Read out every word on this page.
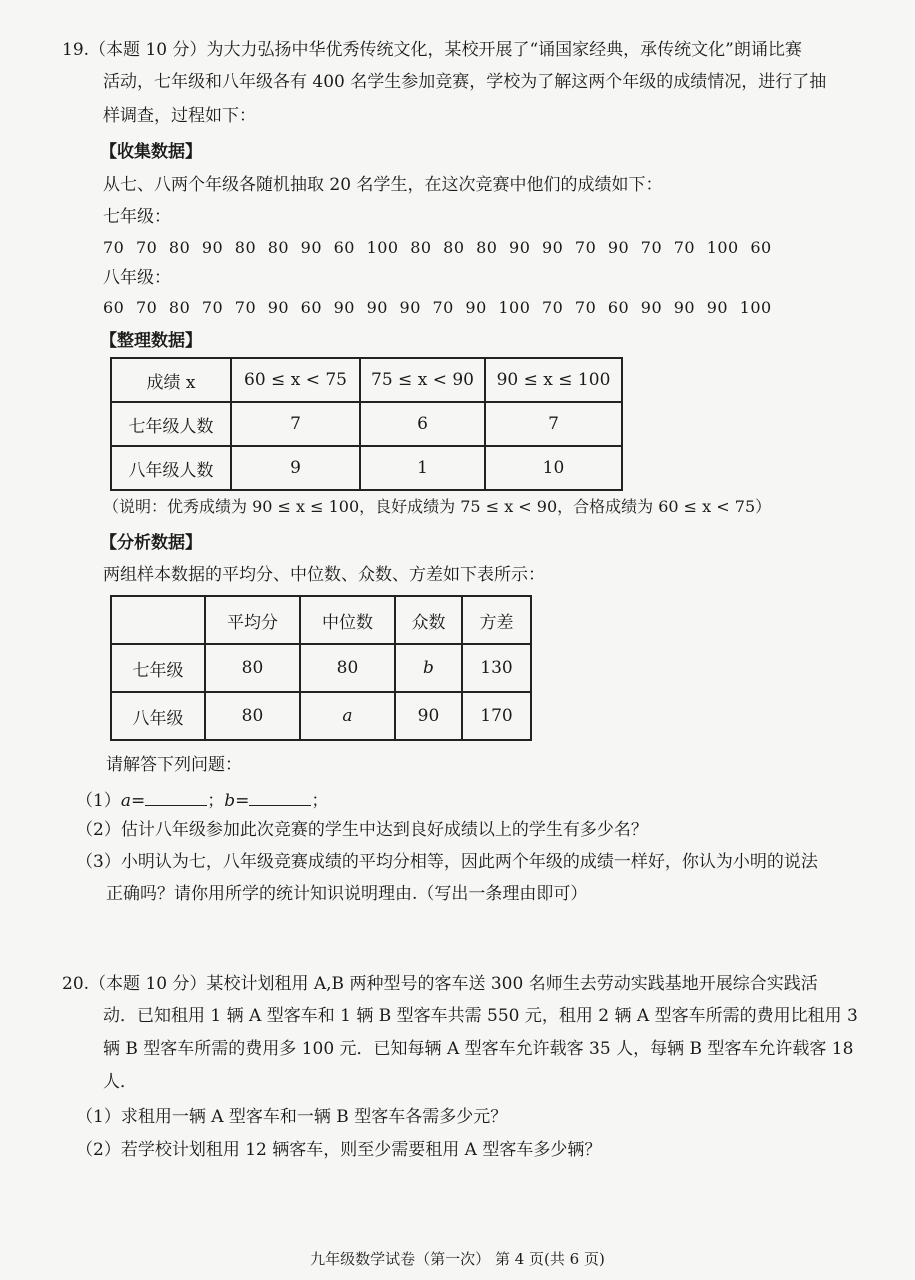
19.（本题 10 分）为大力弘扬中华优秀传统文化，某校开展了“诵国家经典，承传统文化”朗诵比赛
活动，七年级和八年级各有 400 名学生参加竞赛，学校为了解这两个年级的成绩情况，进行了抽
样调查，过程如下：
【收集数据】
从七、八两个年级各随机抽取 20 名学生，在这次竞赛中他们的成绩如下：
七年级：
70 70 80 90 80 80 90 60 100 80 80 80 90 90 70 90 70 70 100 60
八年级：
60 70 80 70 70 90 60 90 90 90 70 90 100 70 70 60 90 90 90 100
【整理数据】
成绩 x	60 ≤ x < 75	75 ≤ x < 90	90 ≤ x ≤ 100
七年级人数	7	6	7
八年级人数	9	1	10
（说明：优秀成绩为 90 ≤ x ≤ 100，良好成绩为 75 ≤ x < 90，合格成绩为 60 ≤ x < 75）
【分析数据】
两组样本数据的平均分、中位数、众数、方差如下表所示：
	平均分	中位数	众数	方差
七年级	80	80	b	130
八年级	80	a	90	170
请解答下列问题：
（1）a=	；b=	；
（2）估计八年级参加此次竞赛的学生中达到良好成绩以上的学生有多少名？
（3）小明认为七，八年级竞赛成绩的平均分相等，因此两个年级的成绩一样好，你认为小明的说法
正确吗？请你用所学的统计知识说明理由.（写出一条理由即可）
20.（本题 10 分）某校计划租用 A,B 两种型号的客车送 300 名师生去劳动实践基地开展综合实践活
动．已知租用 1 辆 A 型客车和 1 辆 B 型客车共需 550 元，租用 2 辆 A 型客车所需的费用比租用 3
辆 B 型客车所需的费用多 100 元．已知每辆 A 型客车允许载客 35 人，每辆 B 型客车允许载客 18
人．
（1）求租用一辆 A 型客车和一辆 B 型客车各需多少元？
（2）若学校计划租用 12 辆客车，则至少需要租用 A 型客车多少辆？
九年级数学试卷（第一次） 第 4 页(共 6 页)
